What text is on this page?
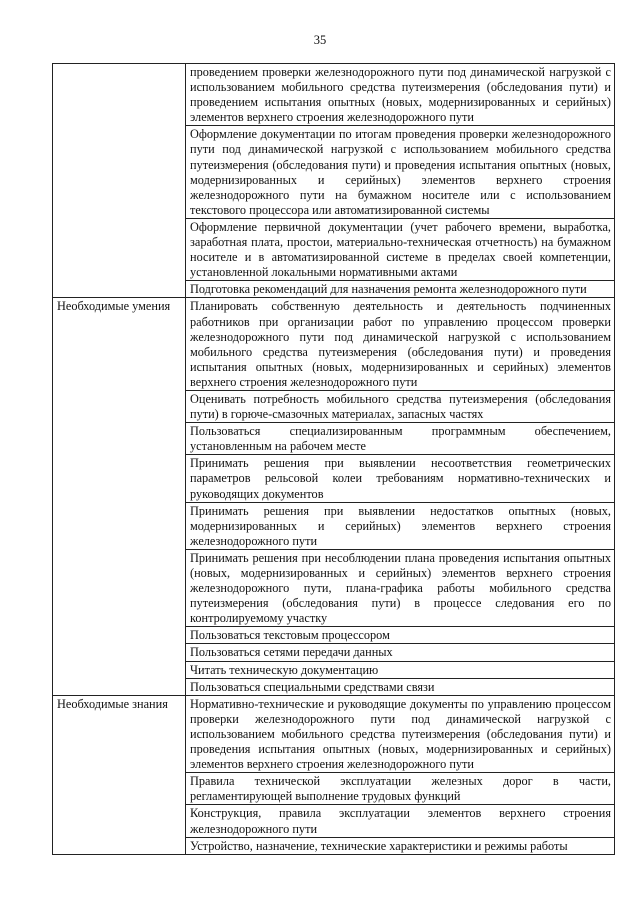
35

	проведением проверки железнодорожного пути под динамической нагрузкой с использованием мобильного средства путеизмерения (обследования пути) и проведением испытания опытных (новых, модернизированных и серийных) элементов верхнего строения железнодорожного пути

	Оформление документации по итогам проведения проверки железнодорожного пути под динамической нагрузкой с использованием мобильного средства путеизмерения (обследования пути) и проведения испытания опытных (новых, модернизированных и серийных) элементов верхнего строения железнодорожного пути на бумажном носителе или с использованием текстового процессора или автоматизированной системы

	Оформление первичной документации (учет рабочего времени, выработка, заработная плата, простои, материально-техническая отчетность) на бумажном носителе и в автоматизированной системе в пределах своей компетенции, установленной локальными нормативными актами

	Подготовка рекомендаций для назначения ремонта железнодорожного пути

Необходимые умения	Планировать собственную деятельность и деятельность подчиненных работников при организации работ по управлению процессом проверки железнодорожного пути под динамической нагрузкой с использованием мобильного средства путеизмерения (обследования пути) и проведения испытания опытных (новых, модернизированных и серийных) элементов верхнего строения железнодорожного пути

	Оценивать потребность мобильного средства путеизмерения (обследования пути) в горюче-смазочных материалах, запасных частях

	Пользоваться специализированным программным обеспечением, установленным на рабочем месте

	Принимать решения при выявлении несоответствия геометрических параметров рельсовой колеи требованиям нормативно-технических и руководящих документов

	Принимать решения при выявлении недостатков опытных (новых, модернизированных и серийных) элементов верхнего строения железнодорожного пути

	Принимать решения при несоблюдении плана проведения испытания опытных (новых, модернизированных и серийных) элементов верхнего строения железнодорожного пути, плана-графика работы мобильного средства путеизмерения (обследования пути) в процессе следования его по контролируемому участку

	Пользоваться текстовым процессором

	Пользоваться сетями передачи данных

	Читать техническую документацию

	Пользоваться специальными средствами связи

Необходимые знания	Нормативно-технические и руководящие документы по управлению процессом проверки железнодорожного пути под динамической нагрузкой с использованием мобильного средства путеизмерения (обследования пути) и проведения испытания опытных (новых, модернизированных и серийных) элементов верхнего строения железнодорожного пути

	Правила технической эксплуатации железных дорог в части, регламентирующей выполнение трудовых функций

	Конструкция, правила эксплуатации элементов верхнего строения железнодорожного пути

	Устройство, назначение, технические характеристики и режимы работы
